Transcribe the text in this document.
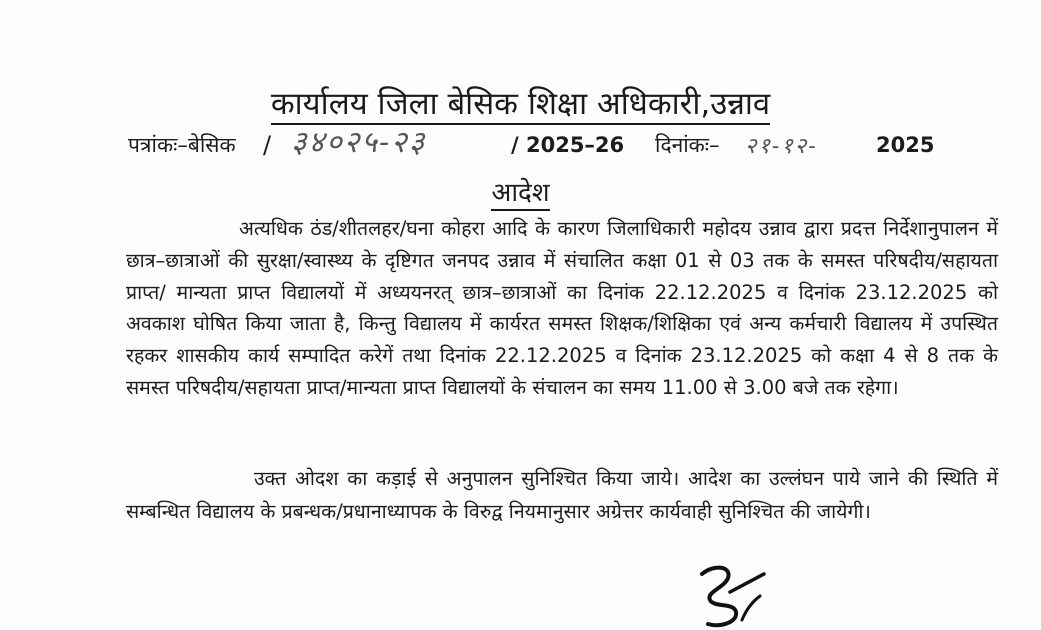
कार्यालय जिला बेसिक शिक्षा अधिकारी,उन्नाव
पत्रांकः–बेसिक / ३४०२५-२३	/ 2025–26 दिनांकः– २१-१२-	2025
आदेश
अत्यधिक ठंड/शीतलहर/घना कोहरा आदि के कारण जिलाधिकारी महोदय उन्नाव द्वारा प्रदत्त निर्देशानुपालन में छात्र–छात्राओं की सुरक्षा/स्वास्थ्य के दृष्टिगत जनपद उन्नाव में संचालित कक्षा 01 से 03 तक के समस्त परिषदीय/सहायता प्राप्त/ मान्यता प्राप्त विद्यालयों में अध्ययनरत् छात्र–छात्राओं का दिनांक 22.12.2025 व दिनांक 23.12.2025 को अवकाश घोषित किया जाता है, किन्तु विद्यालय में कार्यरत समस्त शिक्षक/शिक्षिका एवं अन्य कर्मचारी विद्यालय में उपस्थित रहकर शासकीय कार्य सम्पादित करेगें तथा दिनांक 22.12.2025 व दिनांक 23.12.2025 को कक्षा 4 से 8 तक के समस्त परिषदीय/सहायता प्राप्त/मान्यता प्राप्त विद्यालयों के संचालन का समय 11.00 से 3.00 बजे तक रहेगा।
उक्त ओदश का कड़ाई से अनुपालन सुनिश्चित किया जाये। आदेश का उल्लंघन पाये जाने की स्थिति में सम्बन्धित विद्यालय के प्रबन्धक/प्रधानाध्यापक के विरुद्व नियमानुसार अग्रेत्तर कार्यवाही सुनिश्चित की जायेगी।
